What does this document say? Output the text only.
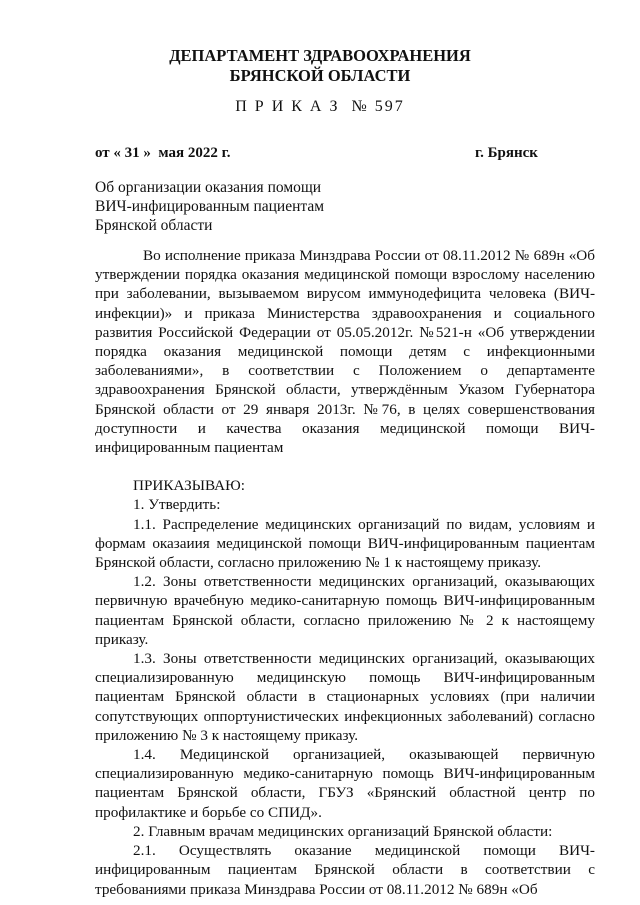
ДЕПАРТАМЕНТ ЗДРАВООХРАНЕНИЯ
БРЯНСКОЙ ОБЛАСТИ
П Р И К А З  № 597
от « 31 »  мая 2022 г.	г. Брянск
Об организации оказания помощи
ВИЧ-инфицированным пациентам
Брянской области

Во исполнение приказа Минздрава России от 08.11.2012 № 689н «Об утверждении порядка оказания медицинской помощи взрослому населению при заболевании, вызываемом вирусом иммунодефицита человека (ВИЧ-инфекции)» и приказа Министерства здравоохранения и социального развития Российской Федерации от 05.05.2012г. №521-н «Об утверждении порядка оказания медицинской помощи детям с инфекционными заболеваниями», в соответствии с Положением о департаменте здравоохранения Брянской области, утверждённым Указом Губернатора Брянской области от 29 января 2013г. №76, в целях совершенствования доступности и качества оказания медицинской помощи ВИЧ-инфицированным пациентам

ПРИКАЗЫВАЮ:

1. Утвердить:

1.1. Распределение медицинских организаций по видам, условиям и формам оказаиия медицинской помощи ВИЧ-инфицированным пациентам Брянской области, согласно приложению № 1 к настоящему приказу.

1.2. Зоны ответственности медицинских организаций, оказывающих первичную врачебную медико-санитарную помощь ВИЧ-инфицированным пациентам Брянской области, согласно приложению № 2 к настоящему приказу.

1.3. Зоны ответственности медицинских организаций, оказывающих специализированную медицинскую помощь ВИЧ-инфицированным пациентам Брянской области в стационарных условиях (при наличии сопутствующих оппортунистических инфекционных заболеваний) согласно приложению № 3 к настоящему приказу.

1.4. Медицинской организацией, оказывающей первичную специализированную медико-санитарную помощь ВИЧ-инфицированным пациентам Брянской области, ГБУЗ «Брянский областной центр по профилактике и борьбе со СПИД».

2. Главным врачам медицинских организаций Брянской области:

2.1. Осуществлять оказание медицинской помощи ВИЧ-инфицированным пациентам Брянской области в соответствии с требованиями приказа Минздрава России от 08.11.2012 № 689н «Об
